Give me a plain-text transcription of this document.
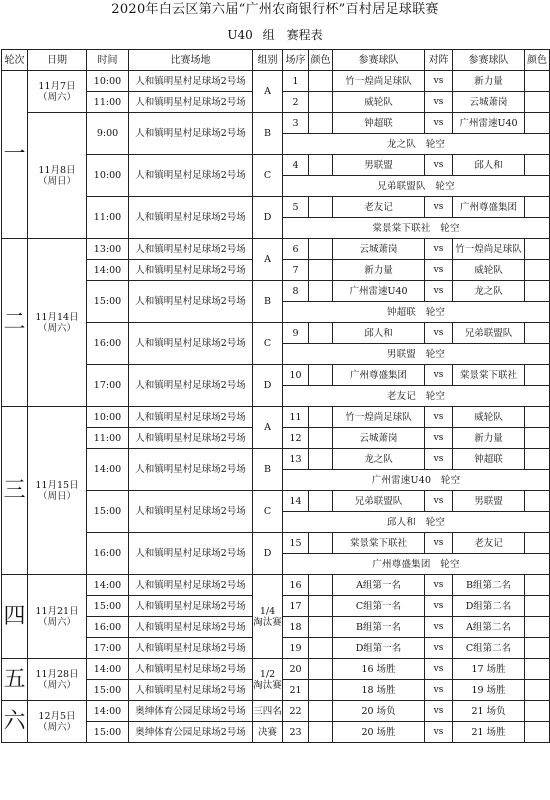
2020年白云区第六届“广州农商银行杯”百村居足球联赛
U40 组　赛程表
轮次	日期	时间	比赛场地	组别	场序	颜色	参赛球队	对阵	参赛球队	颜色
一	11月7日
（周六）	10:00	人和镇明星村足球场2号场	A	1		竹一煌尚足球队	vs	新力量	
		11:00	人和镇明星村足球场2号场		2		威轮队	vs	云城萧岗	
	11月8日
（周日）	9:00	人和镇明星村足球场2号场	B	3		钟超联	vs	广州雷速U40	
					龙之队　轮空					
		10:00	人和镇明星村足球场2号场	C	4		男联盟	vs	邱人和	
					兄弟联盟队　轮空					
		11:00	人和镇明星村足球场2号场	D	5		老友记	vs	广州尊盛集团	
					棠景棠下联社　轮空					

二	11月14日
（周六）	13:00	人和镇明星村足球场2号场	A	6		云城萧岗	vs	竹一煌尚足球队	
		14:00	人和镇明星村足球场2号场		7		新力量	vs	威轮队	
		15:00	人和镇明星村足球场2号场	B	8		广州雷速U40	vs	龙之队	
					钟超联　轮空					
		16:00	人和镇明星村足球场2号场	C	9		邱人和	vs	兄弟联盟队	
					男联盟　轮空					
		17:00	人和镇明星村足球场2号场	D	10		广州尊盛集团	vs	棠景棠下联社	
					老友记　轮空					

三	11月15日
（周日）	10:00	人和镇明星村足球场2号场	A	11		竹一煌尚足球队	vs	威轮队	
		11:00	人和镇明星村足球场2号场		12		云城萧岗	vs	新力量	
		14:00	人和镇明星村足球场2号场	B	13		龙之队	vs	钟超联	
					广州雷速U40　轮空					
		15:00	人和镇明星村足球场2号场	C	14		兄弟联盟队	vs	男联盟	
					邱人和　轮空					
		16:00	人和镇明星村足球场2号场	D	15		棠景棠下联社	vs	老友记	
					广州尊盛集团　轮空					

四	11月21日
（周六）	14:00	人和镇明星村足球场2号场	1/4
淘汰赛	16		A组第一名	vs	B组第二名	
		15:00	人和镇明星村足球场2号场		17		C组第一名	vs	D组第二名	
		16:00	人和镇明星村足球场2号场		18		B组第一名	vs	A组第二名	
		17:00	人和镇明星村足球场2号场		19		D组第一名	vs	C组第二名	
五	11月28日
（周六）	14:00	人和镇明星村足球场2号场	1/2
淘汰赛	20		16 场胜	vs	17 场胜	
		15:00	人和镇明星村足球场2号场		21		18 场胜	vs	19 场胜	
六	12月5日
（周六）	14:00	奥绅体育公园足球场2号场	三四名	22		20 场负	vs	21 场负	
		15:00	奥绅体育公园足球场2号场	决赛	23		20 场胜	vs	21 场胜	
